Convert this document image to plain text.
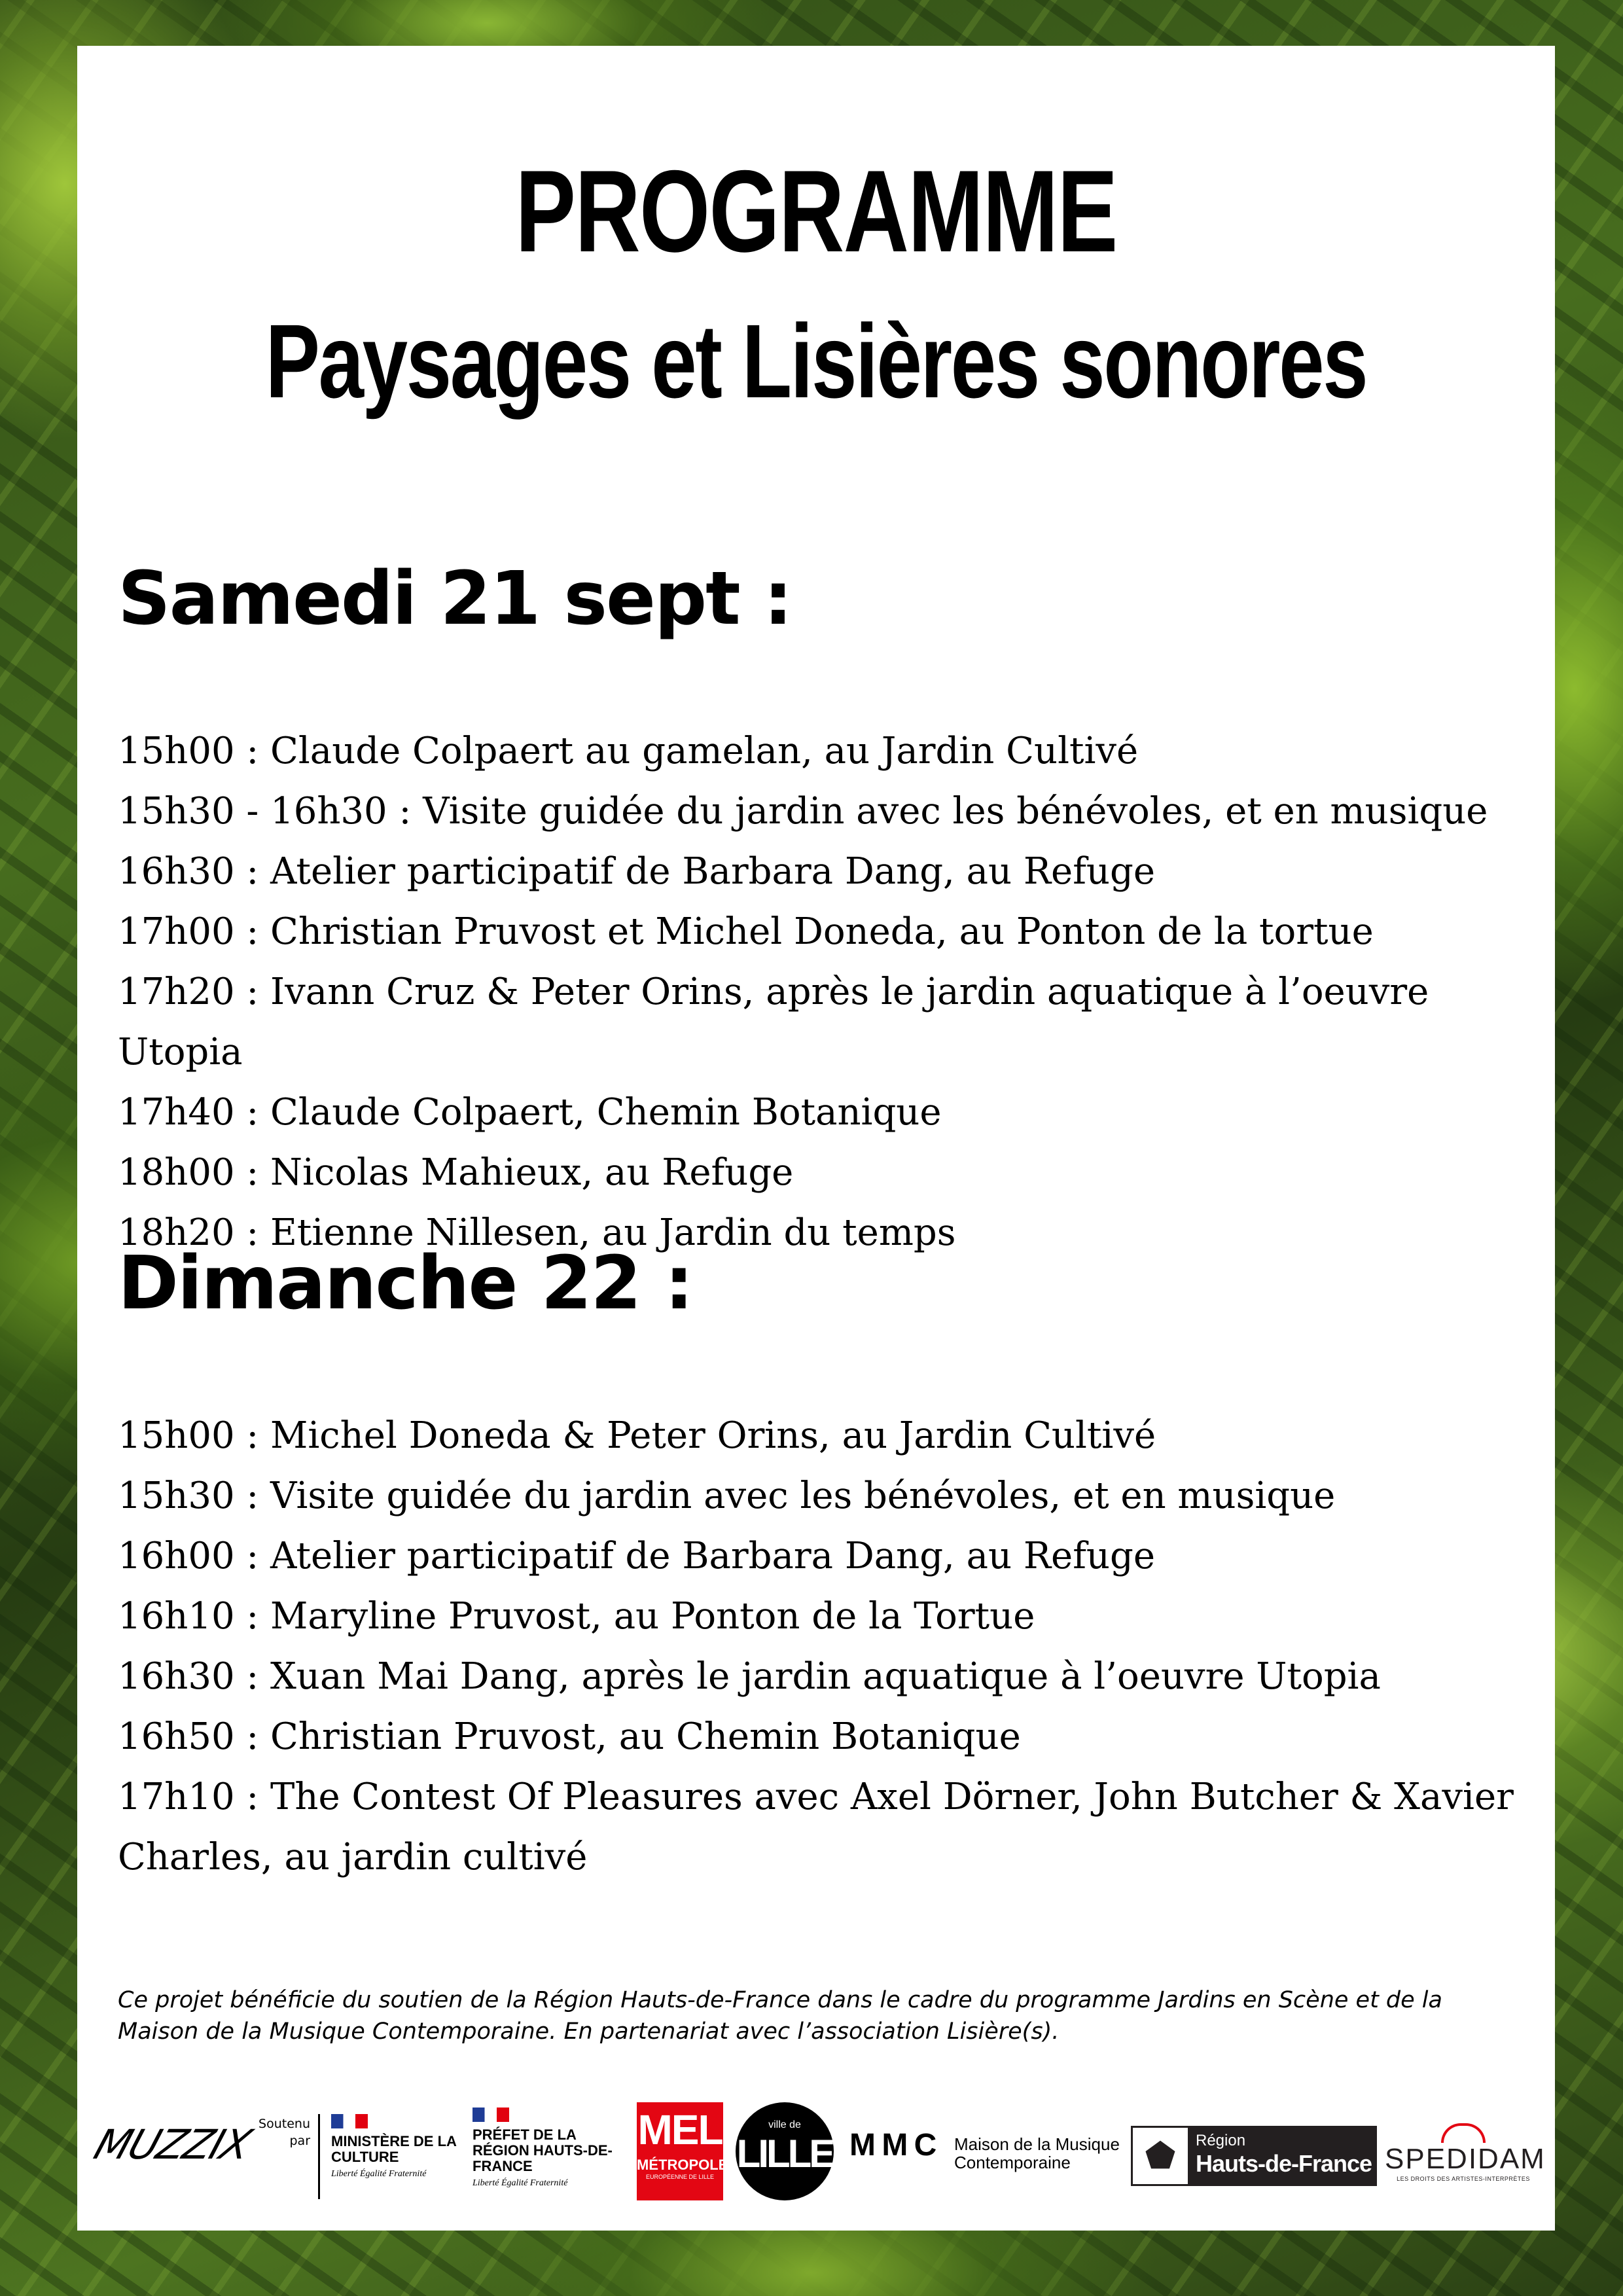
PROGRAMME
Paysages et Lisières sonores
Samedi 21 sept :
15h00 : Claude Colpaert au gamelan, au Jardin Cultivé
15h30 - 16h30 : Visite guidée du jardin avec les bénévoles, et en musique
16h30 : Atelier participatif de Barbara Dang, au Refuge
17h00 : Christian Pruvost et Michel Doneda, au Ponton de la tortue
17h20 : Ivann Cruz & Peter Orins, après le jardin aquatique à l’oeuvre Utopia
17h40 : Claude Colpaert, Chemin Botanique
18h00 : Nicolas Mahieux, au Refuge
18h20 : Etienne Nillesen, au Jardin du temps
Dimanche 22 :
15h00 : Michel Doneda & Peter Orins, au Jardin Cultivé
15h30 : Visite guidée du jardin avec les bénévoles, et en musique
16h00 : Atelier participatif de Barbara Dang, au Refuge
16h10 : Maryline Pruvost, au Ponton de la Tortue
16h30 : Xuan Mai Dang, après le jardin aquatique à l’oeuvre Utopia
16h50 : Christian Pruvost, au Chemin Botanique
17h10 : The Contest Of Pleasures avec Axel Dörner, John Butcher & Xavier Charles, au jardin cultivé
Ce projet bénéficie du soutien de la Région Hauts-de-France dans le cadre du programme Jardins en Scène et de la Maison de la Musique Contemporaine. En partenariat avec l’association Lisière(s).
MUZZIX Soutenu par MINISTÈRE DE LA CULTURE
Liberté Égalité Fraternité
PRÉFET DE LA RÉGION HAUTS-DE-FRANCE
Liberté Égalité Fraternité
MEL
MÉTROPOLE
EUROPÉENNE DE LILLE
ville de
LILLE M M C Maison de la Musique Contemporaine	⬟	Région
Hauts-de-France SPEDIDAM
LES DROITS DES ARTISTES-INTERPRÈTES
